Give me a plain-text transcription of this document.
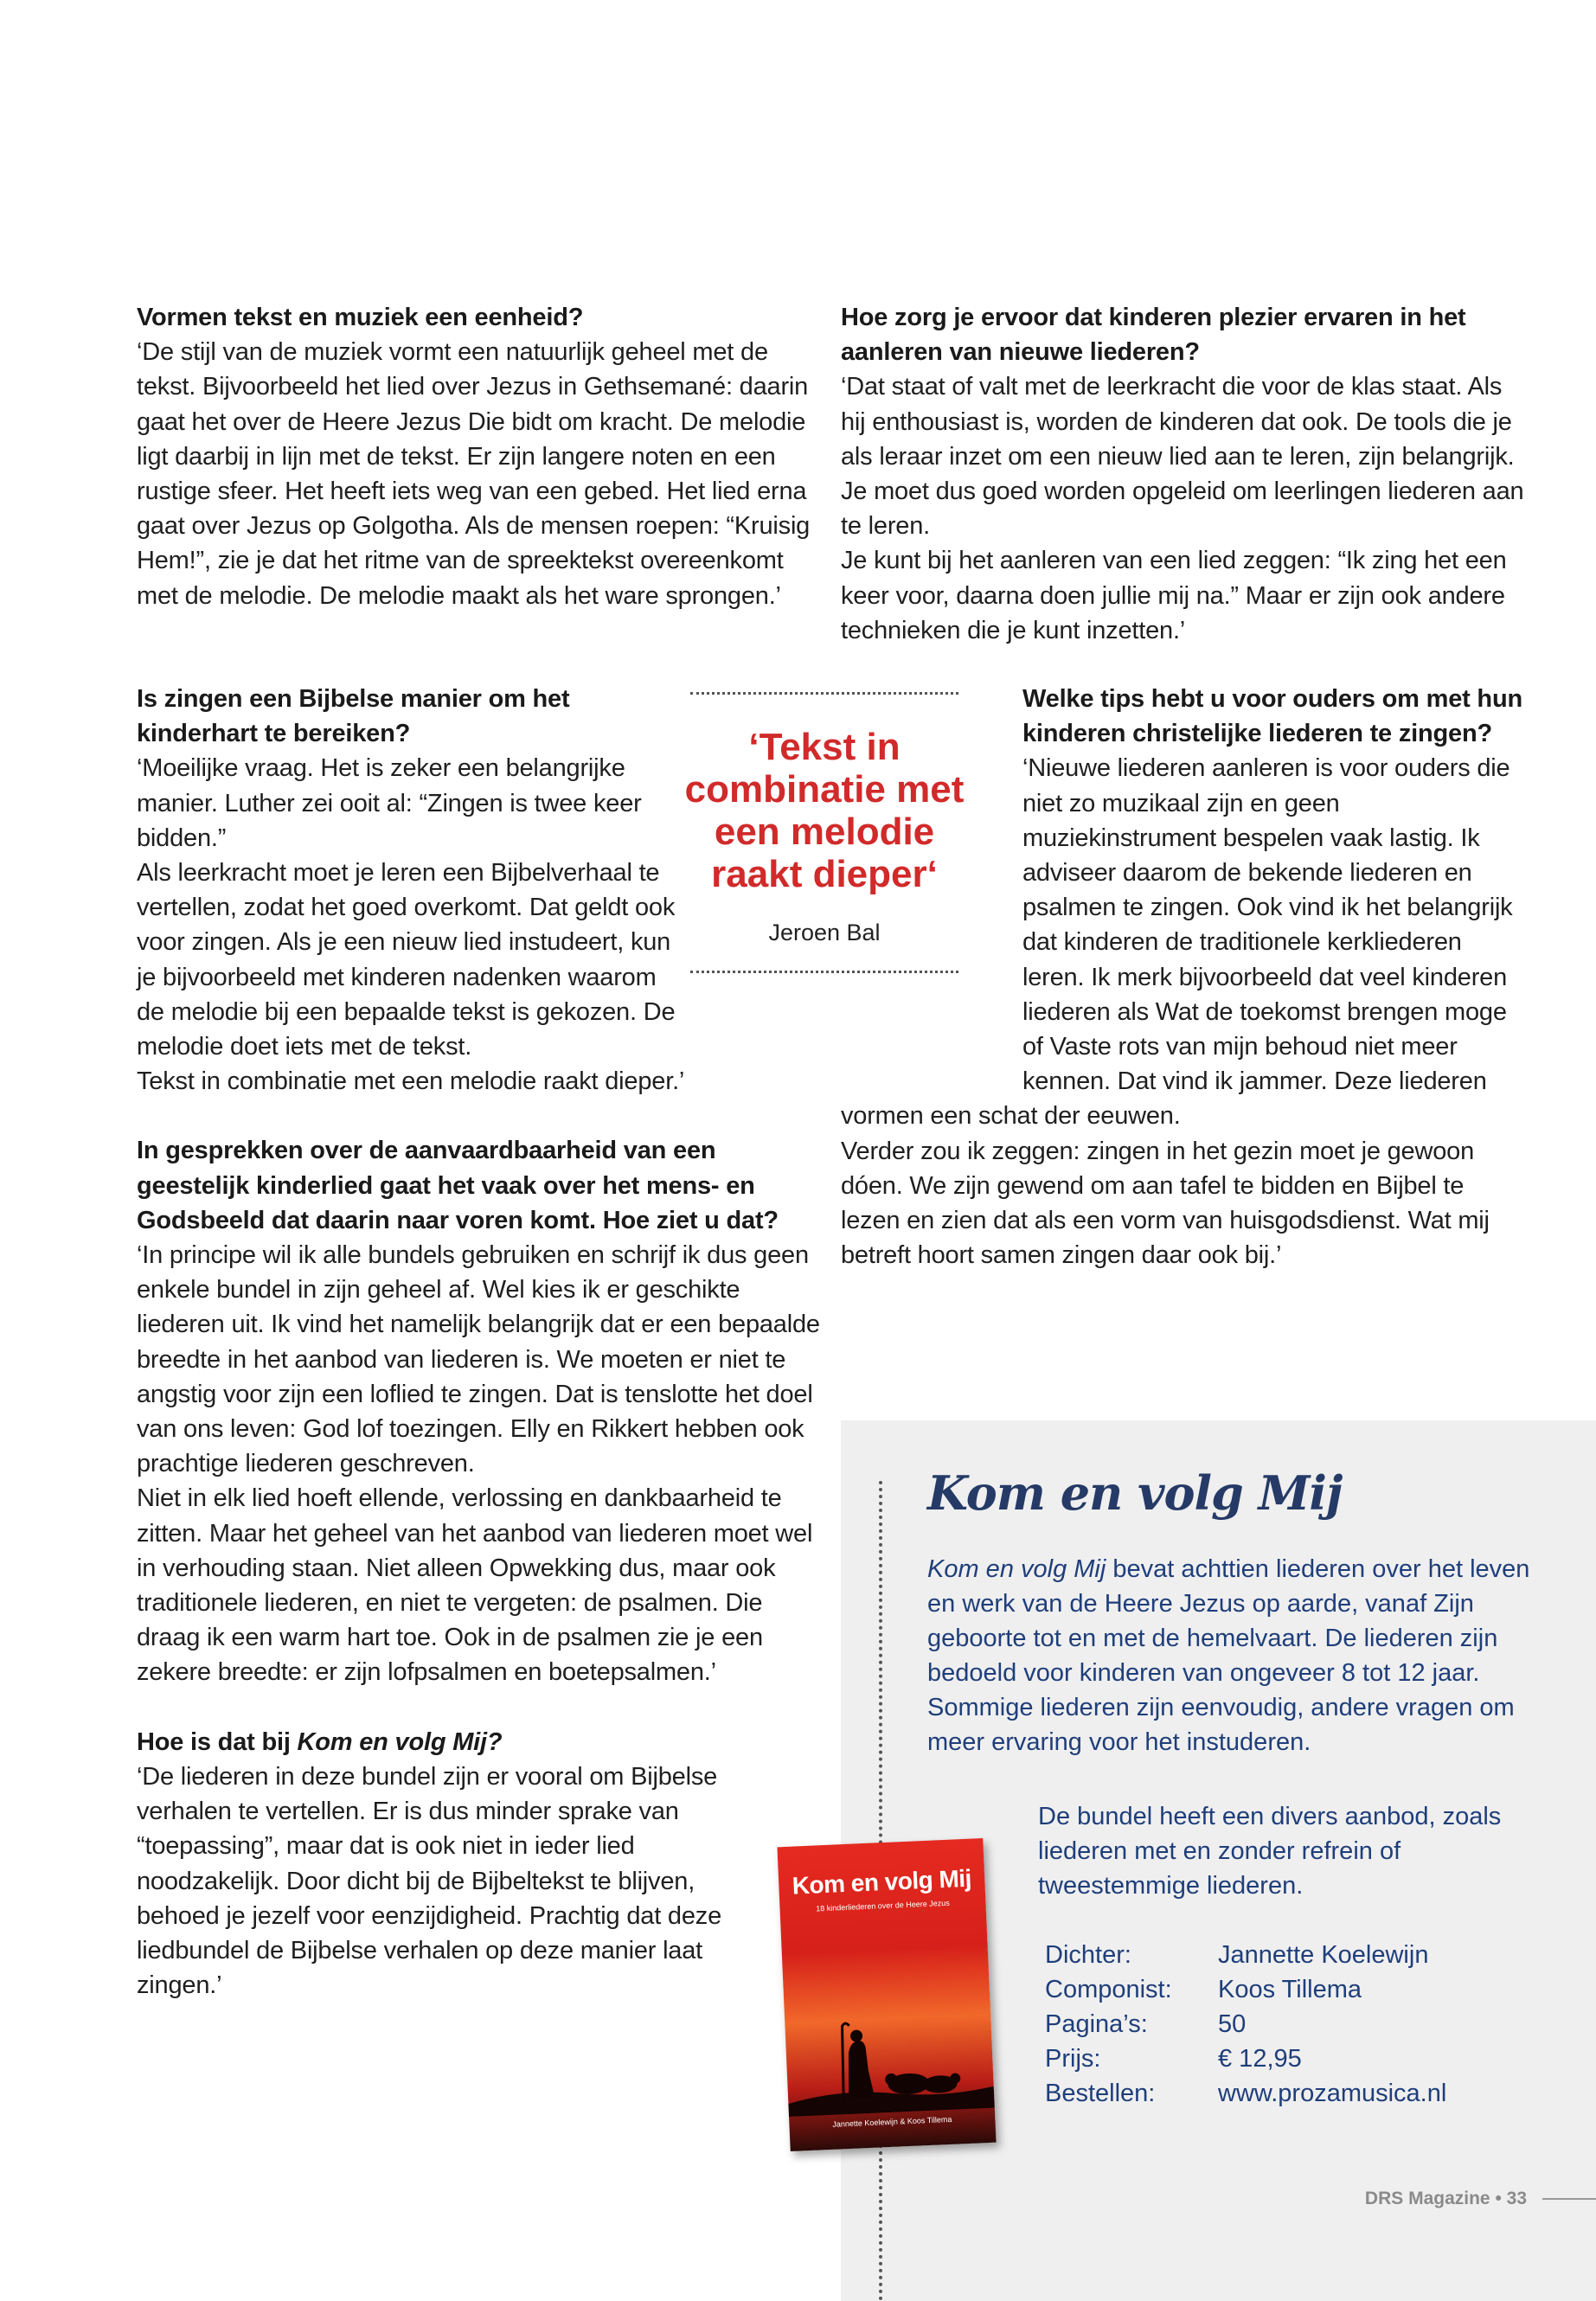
Vormen tekst en muziek een eenheid?

‘De stijl van de muziek vormt een natuurlijk geheel met de tekst. Bijvoorbeeld het lied over Jezus in Gethsemané: daarin gaat het over de Heere Jezus Die bidt om kracht. De melodie ligt daarbij in lijn met de tekst. Er zijn langere noten en een rustige sfeer. Het heeft iets weg van een gebed. Het lied erna gaat over Jezus op Golgotha. Als de mensen roepen: “Kruisig Hem!”, zie je dat het ritme van de spreektekst overeenkomt met de melodie. De melodie maakt als het ware sprongen.’

Hoe zorg je ervoor dat kinderen plezier ervaren in het aanleren van nieuwe liederen?

‘Dat staat of valt met de leerkracht die voor de klas staat. Als hij enthousiast is, worden de kinderen dat ook. De tools die je als leraar inzet om een nieuw lied aan te leren, zijn belangrijk. Je moet dus goed worden opgeleid om leerlingen liederen aan te leren.

Je kunt bij het aanleren van een lied zeggen: “Ik zing het een keer voor, daarna doen jullie mij na.” Maar er zijn ook andere technieken die je kunt inzetten.’

Is zingen een Bijbelse manier om het kinderhart te bereiken?

‘Moeilijke vraag. Het is zeker een belangrijke manier. Luther zei ooit al: “Zingen is twee keer bidden.”

Als leerkracht moet je leren een Bijbelverhaal te vertellen, zodat het goed overkomt. Dat geldt ook voor zingen. Als je een nieuw lied instudeert, kun je bijvoorbeeld met kinderen nadenken waarom de melodie bij een bepaalde tekst is gekozen. De melodie doet iets met de tekst.

Tekst in combinatie met een melodie raakt dieper.’

In gesprekken over de aanvaardbaarheid van een geestelijk kinderlied gaat het vaak over het mens- en Godsbeeld dat daarin naar voren komt. Hoe ziet u dat?

‘In principe wil ik alle bundels gebruiken en schrijf ik dus geen enkele bundel in zijn geheel af. Wel kies ik er geschikte liederen uit. Ik vind het namelijk belangrijk dat er een bepaalde breedte in het aanbod van liederen is. We moeten er niet te angstig voor zijn een loflied te zingen. Dat is tenslotte het doel van ons leven: God lof toezingen. Elly en Rikkert hebben ook prachtige liederen geschreven.

Niet in elk lied hoeft ellende, verlossing en dankbaarheid te zitten. Maar het geheel van het aanbod van liederen moet wel in verhouding staan. Niet alleen Opwekking dus, maar ook traditionele liederen, en niet te vergeten: de psalmen. Die draag ik een warm hart toe. Ook in de psalmen zie je een zekere breedte: er zijn lofpsalmen en boetepsalmen.’

Hoe is dat bij Kom en volg Mij?

‘De liederen in deze bundel zijn er vooral om Bijbelse verhalen te vertellen. Er is dus minder sprake van “toepassing”, maar dat is ook niet in ieder lied noodzakelijk. Door dicht bij de Bijbeltekst te blijven, behoed je jezelf voor eenzijdigheid. Prachtig dat deze liedbundel de Bijbelse verhalen op deze manier laat zingen.’

Welke tips hebt u voor ouders om met hun kinderen christelijke liederen te zingen?

‘Nieuwe liederen aanleren is voor ouders die niet zo muzikaal zijn en geen muziekinstrument bespelen vaak lastig. Ik adviseer daarom de bekende liederen en psalmen te zingen. Ook vind ik het belangrijk dat kinderen de traditionele kerkliederen leren. Ik merk bijvoorbeeld dat veel kinderen liederen als Wat de toekomst brengen moge of Vaste rots van mijn behoud niet meer kennen. Dat vind ik jammer. Deze liederen vormen een schat der eeuwen.

Verder zou ik zeggen: zingen in het gezin moet je gewoon dóen. We zijn gewend om aan tafel te bidden en Bijbel te lezen en zien dat als een vorm van huisgodsdienst. Wat mij betreft hoort samen zingen daar ook bij.’

‘Tekst in combinatie met een melodie raakt dieper‘
Jeroen Bal
Kom en volg Mij
Kom en volg Mij bevat achttien liederen over het leven en werk van de Heere Jezus op aarde, vanaf Zijn geboorte tot en met de hemelvaart. De liederen zijn bedoeld voor kinderen van ongeveer 8 tot 12 jaar. Sommige liederen zijn eenvoudig, andere vragen om meer ervaring voor het instuderen.
De bundel heeft een divers aanbod, zoals liederen met en zonder refrein of tweestemmige liederen.
Dichter:	Jannette Koelewijn
Componist:	Koos Tillema
Pagina’s:	50
Prijs:	€ 12,95
Bestellen:	www.prozamusica.nl
DRS Magazine • 33
Kom en volg Mij
18 kinderliederen over de Heere Jezus
Jannette Koelewijn & Koos Tillema
